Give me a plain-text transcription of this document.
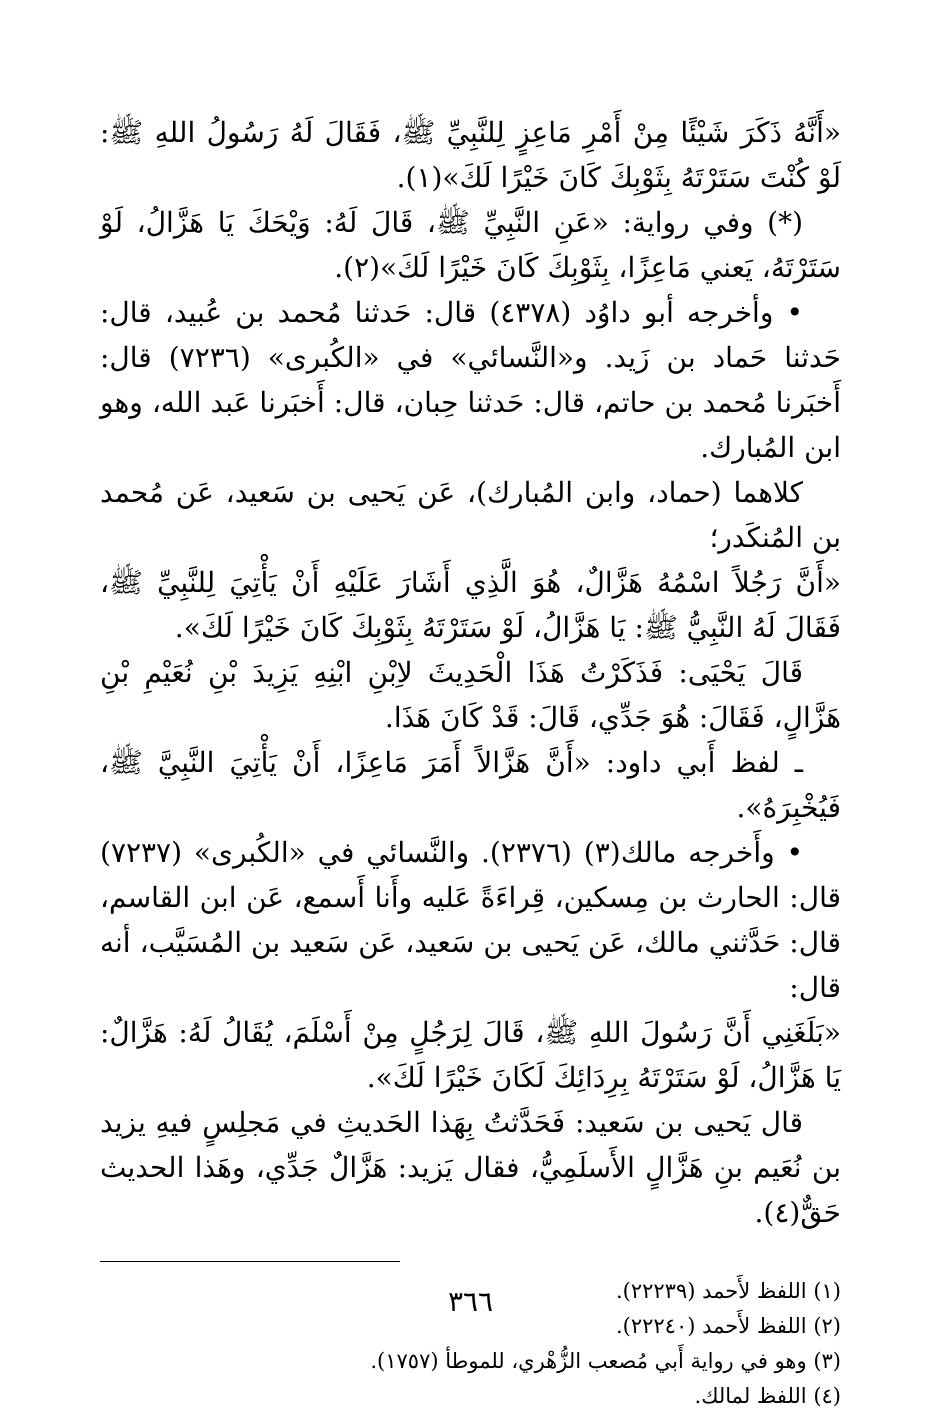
«أَنَّهُ ذَكَرَ شَيْئًا مِنْ أَمْرِ مَاعِزٍ لِلنَّبِيِّ ﷺ، فَقَالَ لَهُ رَسُولُ اللهِ ﷺ: لَوْ كُنْتَ سَتَرْتَهُ بِثَوْبِكَ كَانَ خَيْرًا لَكَ»(١).

(*) وفي رواية: «عَنِ النَّبِيِّ ﷺ، قَالَ لَهُ: وَيْحَكَ يَا هَزَّالُ، لَوْ سَتَرْتَهُ، يَعني مَاعِزًا، بِثَوْبِكَ كَانَ خَيْرًا لَكَ»(٢).

• وأخرجه أبو داوُد (٤٣٧٨) قال: حَدثنا مُحمد بن عُبيد، قال: حَدثنا حَماد بن زَيد. و«النَّسائي» في «الكُبرى» (٧٢٣٦) قال: أَخبَرنا مُحمد بن حاتم، قال: حَدثنا حِبان، قال: أَخبَرنا عَبد الله، وهو ابن المُبارك.

كلاهما (حماد، وابن المُبارك)، عَن يَحيى بن سَعيد، عَن مُحمد بن المُنكَدر؛

«أَنَّ رَجُلاً اسْمُهُ هَزَّالٌ، هُوَ الَّذِي أَشَارَ عَلَيْهِ أَنْ يَأْتِيَ لِلنَّبِيِّ ﷺ، فَقَالَ لَهُ النَّبِيُّ ﷺ: يَا هَزَّالُ، لَوْ سَتَرْتَهُ بِثَوْبِكَ كَانَ خَيْرًا لَكَ».

قَالَ يَحْيَى: فَذَكَرْتُ هَذَا الْحَدِيثَ لاِبْنِ ابْنِهِ يَزِيدَ بْنِ نُعَيْمِ بْنِ هَزَّالٍ، فَقَالَ: هُوَ جَدِّي، قَالَ: قَدْ كَانَ هَذَا.

ـ لفظ أَبي داود: «أَنَّ هَزَّالاً أَمَرَ مَاعِزًا، أَنْ يَأْتِيَ النَّبِيَّ ﷺ، فَيُخْبِرَهُ».

• وأَخرجه مالك(٣) (٢٣٧٦). والنَّسائي في «الكُبرى» (٧٢٣٧) قال: الحارث بن مِسكين، قِراءَةً عَليه وأَنا أَسمع، عَن ابن القاسم، قال: حَدَّثني مالك، عَن يَحيى بن سَعيد، عَن سَعيد بن المُسَيَّب، أنه قال:

«بَلَغَنِي أَنَّ رَسُولَ اللهِ ﷺ، قَالَ لِرَجُلٍ مِنْ أَسْلَمَ، يُقَالُ لَهُ: هَزَّالٌ: يَا هَزَّالُ، لَوْ سَتَرْتَهُ بِرِدَائِكَ لَكَانَ خَيْرًا لَكَ».

قال يَحيى بن سَعيد: فَحَدَّثتُ بِهَذا الحَديثِ في مَجلِسٍ فيهِ يزيد بن نُعَيم بنِ هَزَّالٍ الأَسلَمِيُّ، فقال يَزيد: هَزَّالٌ جَدِّي، وهَذا الحديث حَقٌّ(٤).

(١) اللفظ لأَحمد (٢٢٢٣٩).

(٢) اللفظ لأَحمد (٢٢٢٤٠).

(٣) وهو في رواية أَبي مُصعب الزُّهْري، للموطأ (١٧٥٧).

(٤) اللفظ لمالك.

٣٦٦
